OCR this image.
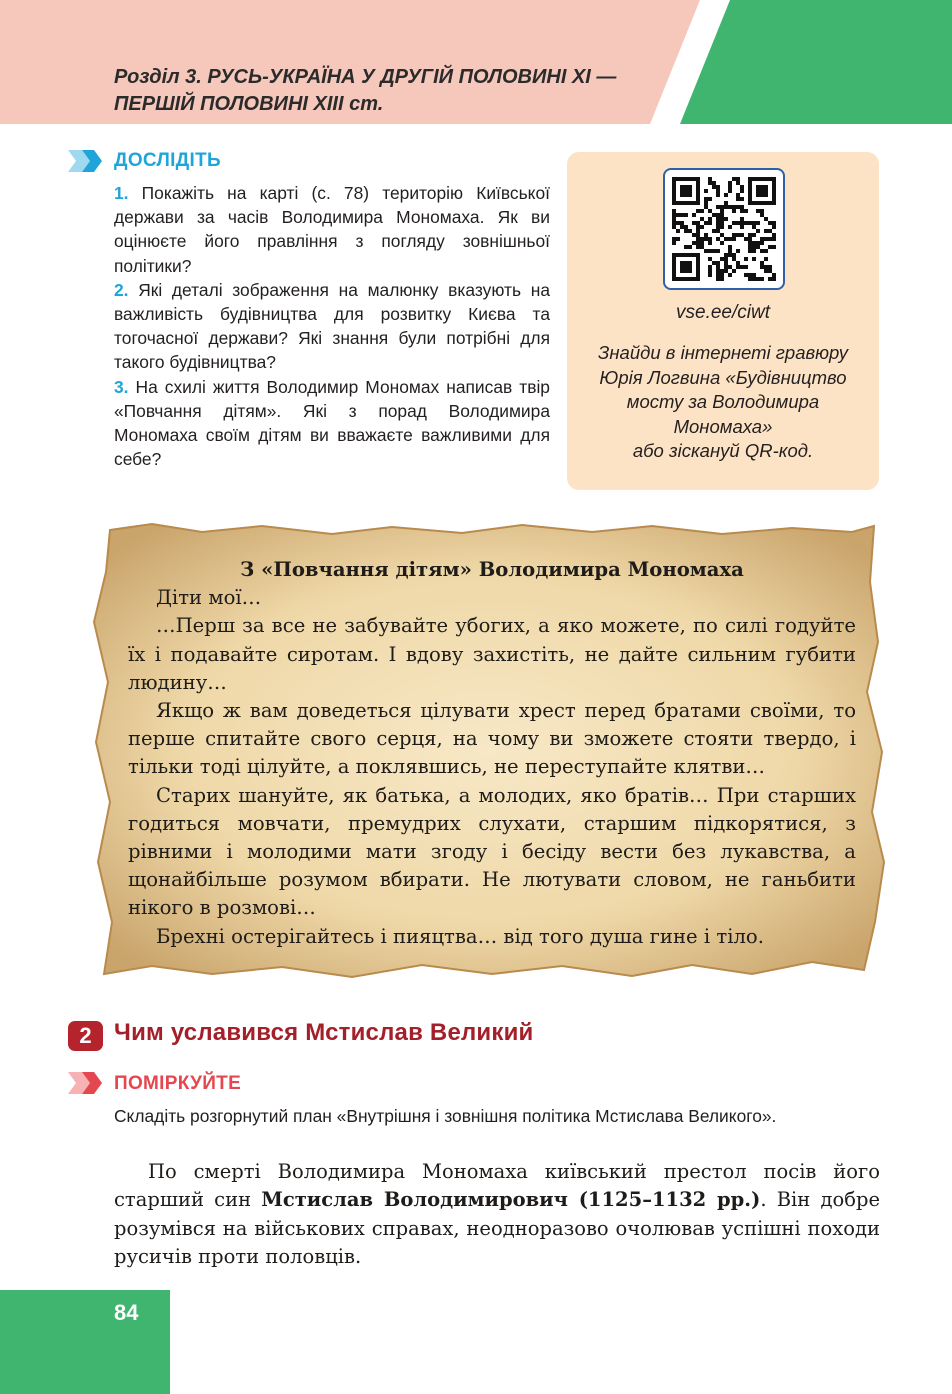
Розділ 3. РУСЬ-УКРАЇНА У ДРУГІЙ ПОЛОВИНІ XI —
ПЕРШІЙ ПОЛОВИНІ XIII ст.
ДОСЛІДІТЬ

1. Покажіть на карті (с. 78) територію Київської держави за часів Володимира Мономаха. Як ви оцінюєте його правління з погляду зовнішньої політики?

2. Які деталі зображення на малюнку вказують на важливість будівництва для розвитку Києва та тогочасної держави? Які знання були потрібні для такого будівництва?

3. На схилі життя Володимир Мономах написав твір «Повчання дітям». Які з порад Володимира Мономаха своїм дітям ви вважаєте важливими для себе?

vse.ee/ciwt
Знайди в інтернеті гравюру
Юрія Логвина «Будівництво
мосту за Володимира
Мономаха»
або зіскануй QR-код.

З «Повчання дітям» Володимира Мономаха

Діти мої…

…Перш за все не забувайте убогих, а яко можете, по силі годуйте їх і подавайте сиротам. І вдову захистіть, не дайте сильним губити людину…

Якщо ж вам доведеться цілувати хрест перед братами своїми, то перше спитайте свого серця, на чому ви зможете стояти твердо, і тільки тоді цілуйте, а поклявшись, не переступайте клятви…

Старих шануйте, як батька, а молодих, яко братів… При старших годиться мовчати, премудрих слухати, старшим підкорятися, з рівними і молодими мати згоду і бесіду вести без лукавства, а щонайбільше розумом вбирати. Не лютувати словом, не ганьбити нікого в розмові…

Брехні остерігайтесь і пияцтва… від того душа гине і тіло.

2 Чим уславився Мстислав Великий
ПОМІРКУЙТЕ

Складіть розгорнутий план «Внутрішня і зовнішня політика Мстислава Великого».

По смерті Володимира Мономаха київський престол посів його старший син Мстислав Володимирович (1125–1132 рр.). Він добре розумівся на військових справах, неодноразово очолював успішні походи русичів проти половців.

84
